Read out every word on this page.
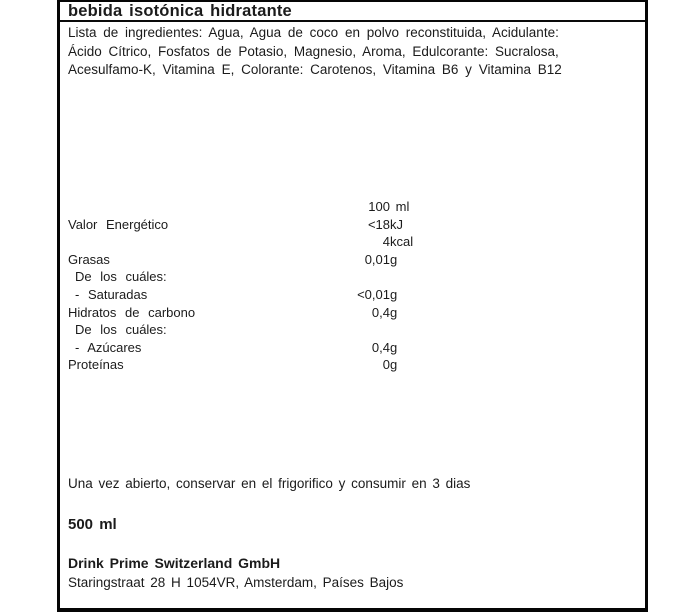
bebida isotónica hidratante
Lista de ingredientes: Agua, Agua de coco en polvo reconstituida, Acidulante:
Ácido Cítrico, Fosfatos de Potasio, Magnesio, Aroma, Edulcorante: Sucralosa,
Acesulfamo-K, Vitamina E, Colorante: Carotenos, Vitamina B6 y Vitamina B12
100 ml
Valor Energético	<18kJ
4kcal
Grasas	0,01g
De los cuáles:
- Saturadas	<0,01g
Hidratos de carbono	0,4g
De los cuáles:
- Azúcares	0,4g
Proteínas	0g
Una vez abierto, conservar en el frigorifico y consumir en 3 dias
500 ml
Drink Prime Switzerland GmbH
Staringstraat 28 H 1054VR, Amsterdam, Países Bajos
